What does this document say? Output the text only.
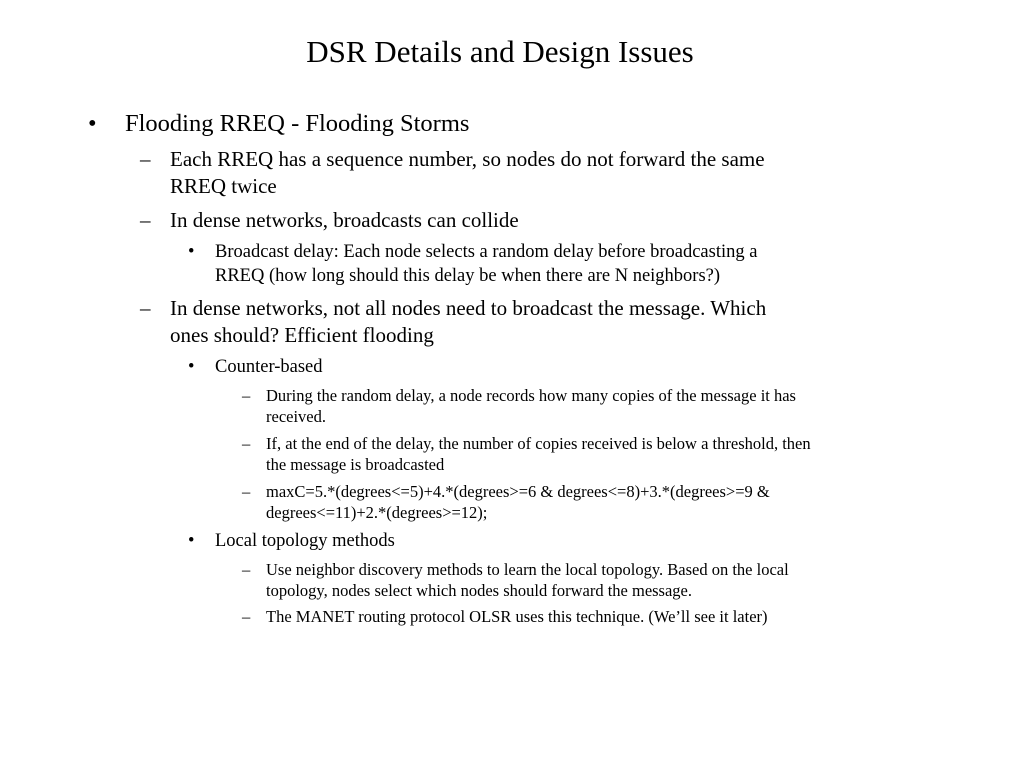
DSR Details and Design Issues
• Flooding RREQ - Flooding Storms
– Each RREQ has a sequence number, so nodes do not forward the same
RREQ twice
– In dense networks, broadcasts can collide
• Broadcast delay: Each node selects a random delay before broadcasting a
RREQ (how long should this delay be when there are N neighbors?)
– In dense networks, not all nodes need to broadcast the message. Which
ones should? Efficient flooding
• Counter-based
– During the random delay, a node records how many copies of the message it has
received.
– If, at the end of the delay, the number of copies received is below a threshold, then
the message is broadcasted
– maxC=5.*(degrees<=5)+4.*(degrees>=6 & degrees<=8)+3.*(degrees>=9 &
degrees<=11)+2.*(degrees>=12);
• Local topology methods
– Use neighbor discovery methods to learn the local topology. Based on the local
topology, nodes select which nodes should forward the message.
– The MANET routing protocol OLSR uses this technique. (We’ll see it later)
